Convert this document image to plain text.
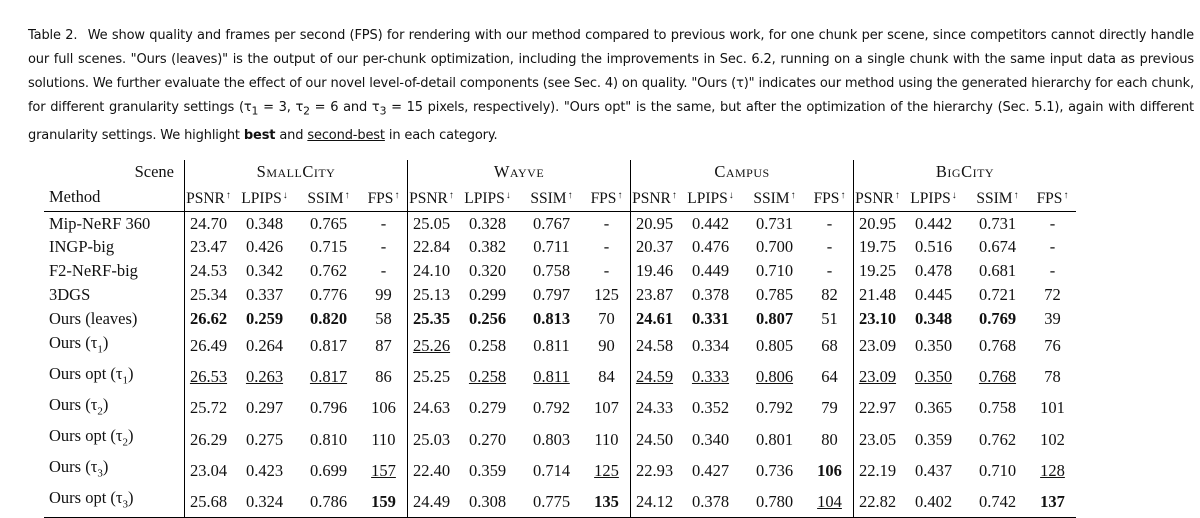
Table 2. We show quality and frames per second (FPS) for rendering with our method compared to previous work, for one chunk per scene, since competitors cannot directly handle our full scenes. "Ours (leaves)" is the output of our per-chunk optimization, including the improvements in Sec. 6.2, running on a single chunk with the same input data as previous solutions. We further evaluate the effect of our novel level-of-detail components (see Sec. 4) on quality. "Ours (τ)" indicates our method using the generated hierarchy for each chunk, for different granularity settings ($\tau_1 = 3$, $\tau_2 = 6$ and $\tau_3 = 15$ pixels, respectively). "Ours opt" is the same, but after the optimization of the hierarchy (Sec. 5.1), again with different granularity settings. We highlight best and second-best in each category.
Scene	SmallCity				Wayve				Campus				BigCity			
Method	PSNR↑	LPIPS↓	SSIM↑	FPS↑	PSNR↑	LPIPS↓	SSIM↑	FPS↑	PSNR↑	LPIPS↓	SSIM↑	FPS↑	PSNR↑	LPIPS↓	SSIM↑	FPS↑
Mip-NeRF 360	24.70	0.348	0.765	-	25.05	0.328	0.767	-	20.95	0.442	0.731	-	20.95	0.442	0.731	-
INGP-big	23.47	0.426	0.715	-	22.84	0.382	0.711	-	20.37	0.476	0.700	-	19.75	0.516	0.674	-
F2-NeRF-big	24.53	0.342	0.762	-	24.10	0.320	0.758	-	19.46	0.449	0.710	-	19.25	0.478	0.681	-
3DGS	25.34	0.337	0.776	99	25.13	0.299	0.797	125	23.87	0.378	0.785	82	21.48	0.445	0.721	72
Ours (leaves)	26.62	0.259	0.820	58	25.35	0.256	0.813	70	24.61	0.331	0.807	51	23.10	0.348	0.769	39
Ours $(\tau_1)$	26.49	0.264	0.817	87	25.26	0.258	0.811	90	24.58	0.334	0.805	68	23.09	0.350	0.768	76
Ours opt $(\tau_1)$	26.53	0.263	0.817	86	25.25	0.258	0.811	84	24.59	0.333	0.806	64	23.09	0.350	0.768	78
Ours $(\tau_2)$	25.72	0.297	0.796	106	24.63	0.279	0.792	107	24.33	0.352	0.792	79	22.97	0.365	0.758	101
Ours opt $(\tau_2)$	26.29	0.275	0.810	110	25.03	0.270	0.803	110	24.50	0.340	0.801	80	23.05	0.359	0.762	102
Ours $(\tau_3)$	23.04	0.423	0.699	157	22.40	0.359	0.714	125	22.93	0.427	0.736	106	22.19	0.437	0.710	128
Ours opt $(\tau_3)$	25.68	0.324	0.786	159	24.49	0.308	0.775	135	24.12	0.378	0.780	104	22.82	0.402	0.742	137
